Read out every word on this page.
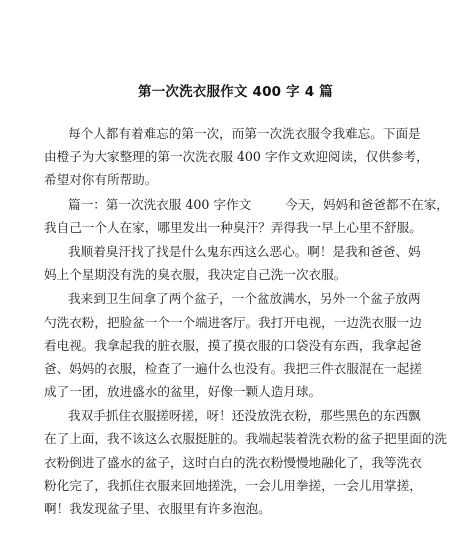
第一次洗衣服作文 400 字 4 篇
每个人都有着难忘的第一次，而第一次洗衣服令我难忘。下面是
由橙子为大家整理的第一次洗衣服 400 字作文欢迎阅读，仅供参考，
希望对你有所帮助。
篇一：第一次洗衣服 400 字作文	今天，妈妈和爸爸都不在家，
我自己一个人在家，哪里发出一种臭汗？弄得我一早上心里不舒服。
我顺着臭汗找了找是什么鬼东西这么恶心。啊！是我和爸爸、妈
妈上个星期没有洗的臭衣服，我决定自己洗一次衣服。
我来到卫生间拿了两个盆子，一个盆放满水，另外一个盆子放两
勺洗衣粉，把脸盆一个一个端进客厅。我打开电视，一边洗衣服一边
看电视。我拿起我的脏衣服，摸了摸衣服的口袋没有东西，我拿起爸
爸、妈妈的衣服，检查了一遍什么也没有。我把三件衣服混在一起搓
成了一团，放进盛水的盆里，好像一颗人造月球。
我双手抓住衣服搓呀搓，呀！还没放洗衣粉，那些黑色的东西飘
在了上面，我不该这么衣服挺脏的。我端起装着洗衣粉的盆子把里面的洗
衣粉倒进了盛水的盆子，这时白白的洗衣粉慢慢地融化了，我等洗衣
粉化完了，我抓住衣服来回地搓洗，一会儿用拳搓，一会儿用掌搓，
啊！我发现盆子里、衣服里有许多泡泡。
